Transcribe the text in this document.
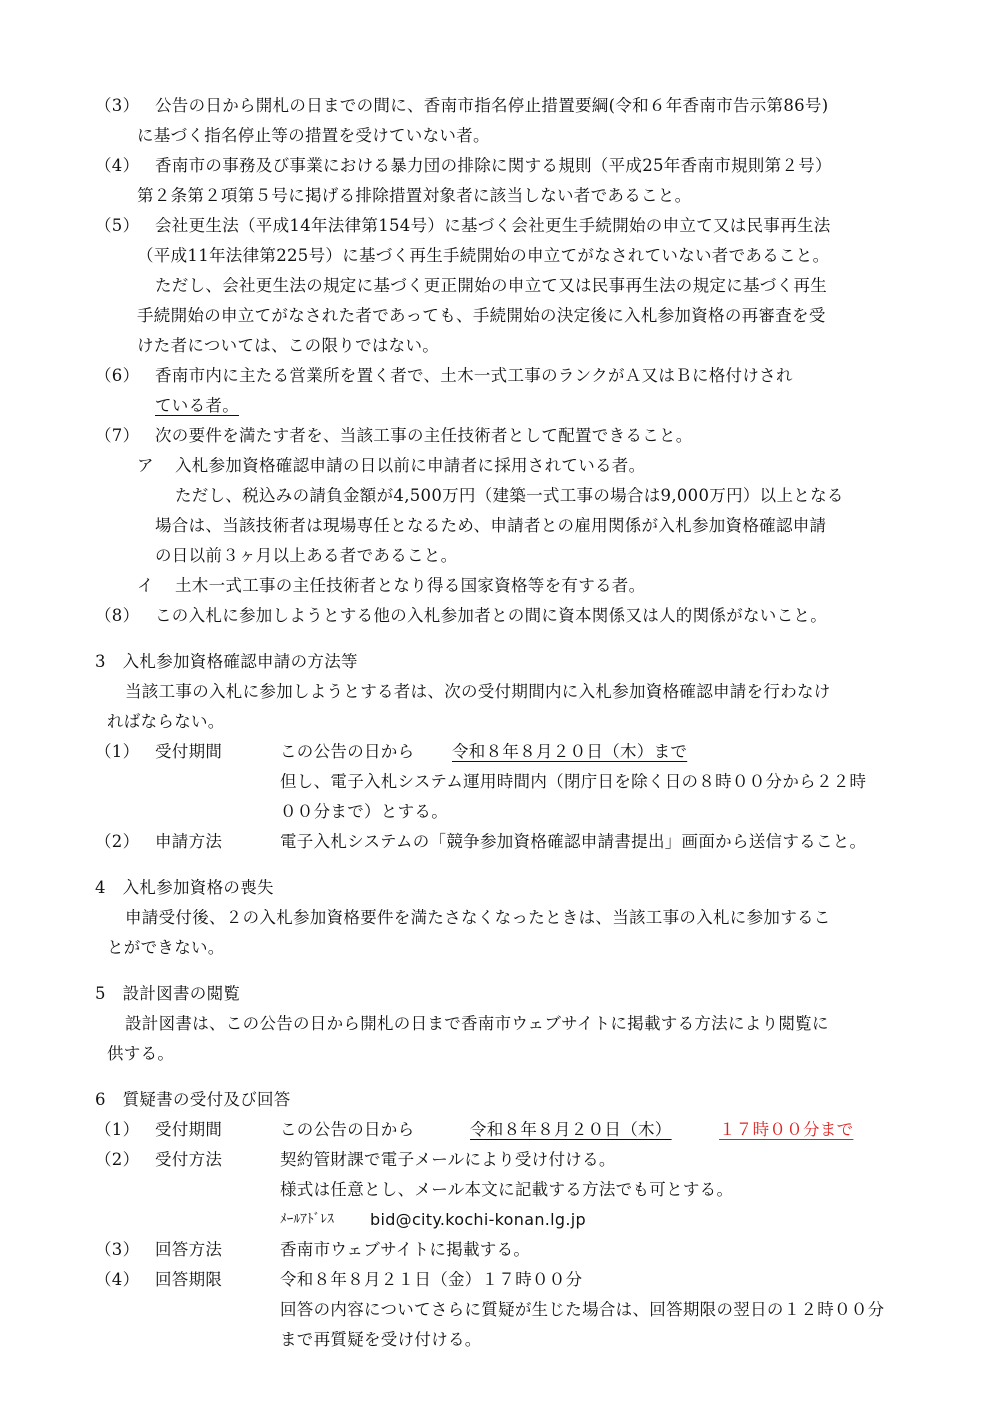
（3） 公告の日から開札の日までの間に、香南市指名停止措置要綱(令和６年香南市告示第86号)
に基づく指名停止等の措置を受けていない者。
（4） 香南市の事務及び事業における暴力団の排除に関する規則（平成25年香南市規則第２号）
第２条第２項第５号に掲げる排除措置対象者に該当しない者であること。
（5） 会社更生法（平成14年法律第154号）に基づく会社更生手続開始の申立て又は民事再生法
（平成11年法律第225号）に基づく再生手続開始の申立てがなされていない者であること。
ただし、会社更生法の規定に基づく更正開始の申立て又は民事再生法の規定に基づく再生
手続開始の申立てがなされた者であっても、手続開始の決定後に入札参加資格の再審査を受
けた者については、この限りではない。
（6） 香南市内に主たる営業所を置く者で、土木一式工事のランクがＡ又はＢに格付けされ
ている者。
（7） 次の要件を満たす者を、当該工事の主任技術者として配置できること。
ア 入札参加資格確認申請の日以前に申請者に採用されている者。
ただし、税込みの請負金額が4,500万円（建築一式工事の場合は9,000万円）以上となる
場合は、当該技術者は現場専任となるため、申請者との雇用関係が入札参加資格確認申請
の日以前３ヶ月以上ある者であること。
イ 土木一式工事の主任技術者となり得る国家資格等を有する者。
（8） この入札に参加しようとする他の入札参加者との間に資本関係又は人的関係がないこと。
3　入札参加資格確認申請の方法等
当該工事の入札に参加しようとする者は、次の受付期間内に入札参加資格確認申請を行わなけ
ればならない。
（1） 受付期間	この公告の日から 令和８年８月２０日（木）まで
但し、電子入札システム運用時間内（閉庁日を除く日の８時００分から２２時
００分まで）とする。
（2） 申請方法	電子入札システムの「競争参加資格確認申請書提出」画面から送信すること。
4　入札参加資格の喪失
申請受付後、２の入札参加資格要件を満たさなくなったときは、当該工事の入札に参加するこ
とができない。
5　設計図書の閲覧
設計図書は、この公告の日から開札の日まで香南市ウェブサイトに掲載する方法により閲覧に
供する。
6　質疑書の受付及び回答
（1） 受付期間	この公告の日から	令和８年８月２０日（木）	１７時００分まで
（2） 受付方法	契約管財課で電子メールにより受け付ける。
様式は任意とし、メール本文に記載する方法でも可とする。
ﾒｰﾙｱﾄﾞﾚｽ bid@city.kochi-konan.lg.jp
（3） 回答方法	香南市ウェブサイトに掲載する。
（4） 回答期限	令和８年８月２１日（金）１７時００分
回答の内容についてさらに質疑が生じた場合は、回答期限の翌日の１２時００分
まで再質疑を受け付ける。
